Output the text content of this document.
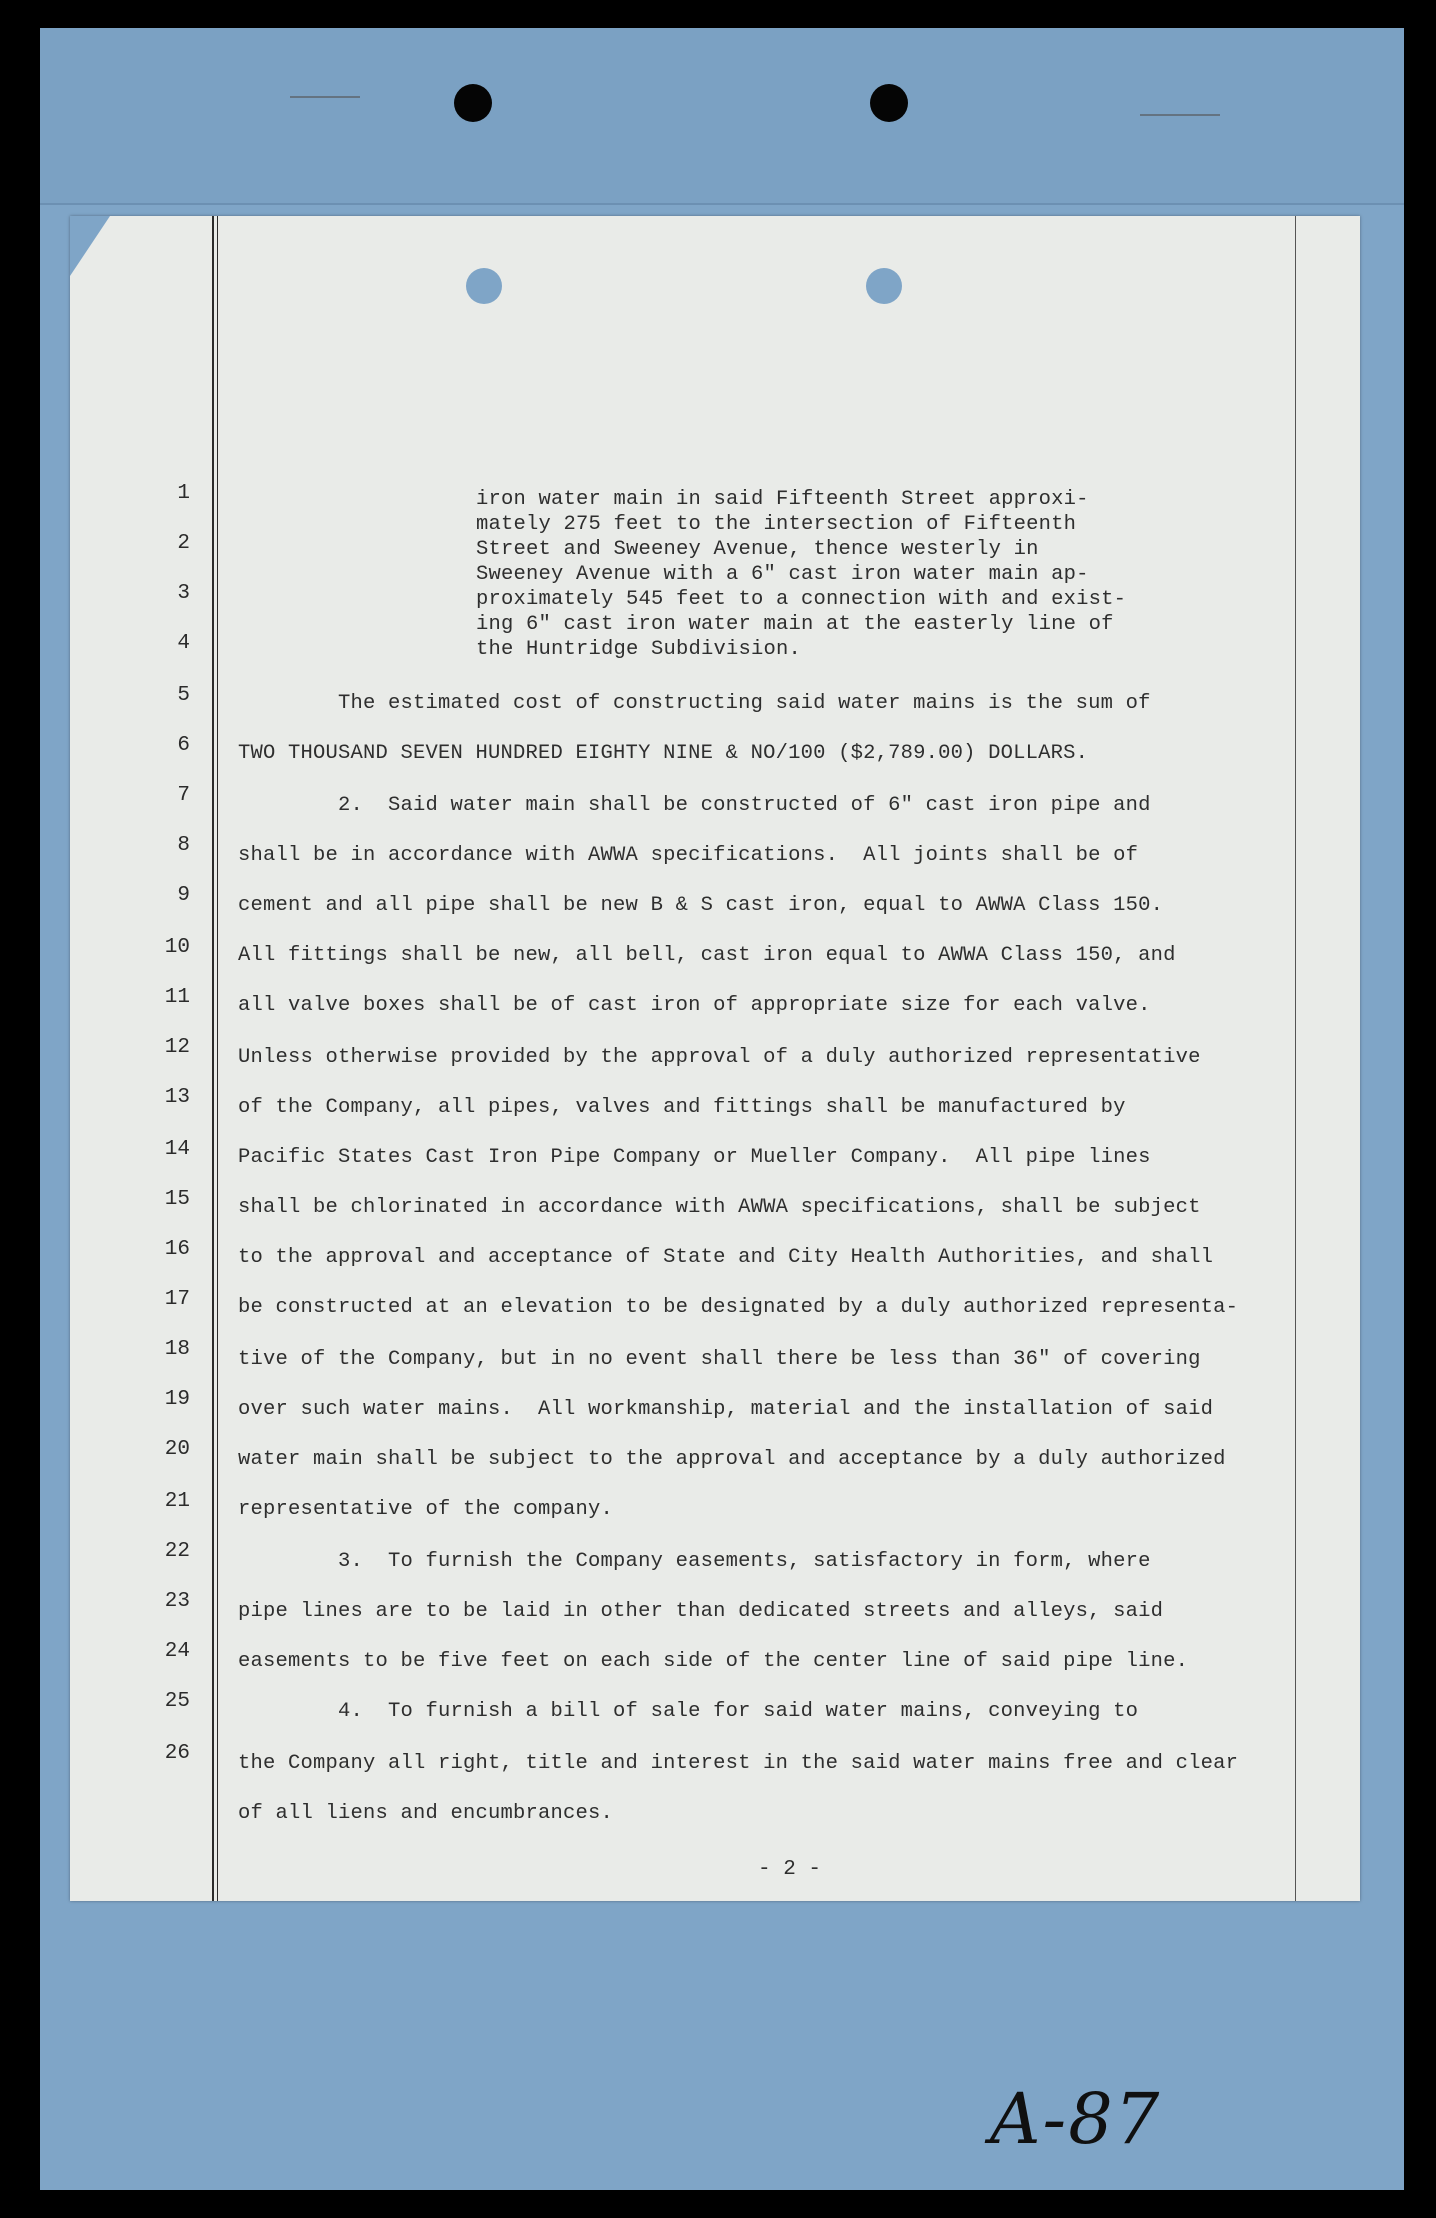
1
2
3
4
5
6
7
8
9
10
11
12
13
14
15
16
17
18
19
20
21
22
23
24
25
26
iron water main in said Fifteenth Street approxi-
mately 275 feet to the intersection of Fifteenth
Street and Sweeney Avenue, thence westerly in
Sweeney Avenue with a 6" cast iron water main ap-
proximately 545 feet to a connection with and exist-
ing 6" cast iron water main at the easterly line of
the Huntridge Subdivision.
The estimated cost of constructing said water mains is the sum of
TWO THOUSAND SEVEN HUNDRED EIGHTY NINE & NO/100 ($2,789.00) DOLLARS.
2.  Said water main shall be constructed of 6" cast iron pipe and
shall be in accordance with AWWA specifications.  All joints shall be of
cement and all pipe shall be new B & S cast iron, equal to AWWA Class 150.
All fittings shall be new, all bell, cast iron equal to AWWA Class 150, and
all valve boxes shall be of cast iron of appropriate size for each valve.
Unless otherwise provided by the approval of a duly authorized representative
of the Company, all pipes, valves and fittings shall be manufactured by
Pacific States Cast Iron Pipe Company or Mueller Company.  All pipe lines
shall be chlorinated in accordance with AWWA specifications, shall be subject
to the approval and acceptance of State and City Health Authorities, and shall
be constructed at an elevation to be designated by a duly authorized representa-
tive of the Company, but in no event shall there be less than 36" of covering
over such water mains.  All workmanship, material and the installation of said
water main shall be subject to the approval and acceptance by a duly authorized
representative of the company.
3.  To furnish the Company easements, satisfactory in form, where
pipe lines are to be laid in other than dedicated streets and alleys, said
easements to be five feet on each side of the center line of said pipe line.
4.  To furnish a bill of sale for said water mains, conveying to
the Company all right, title and interest in the said water mains free and clear
of all liens and encumbrances.
- 2 -
A-87
